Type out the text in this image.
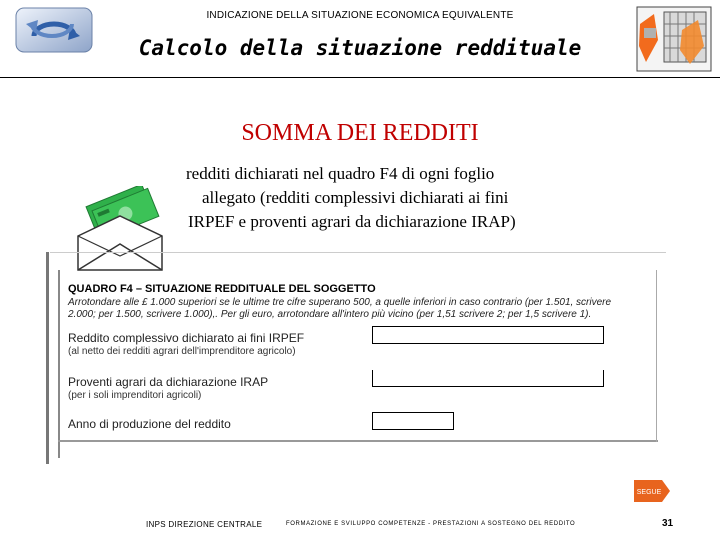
INDICAZIONE DELLA SITUAZIONE ECONOMICA EQUIVALENTE
Calcolo della situazione reddituale
SOMMA DEI REDDITI
redditi dichiarati nel quadro F4 di ogni foglio
allegato (redditi complessivi dichiarati ai fini
IRPEF e proventi agrari da dichiarazione IRAP)
QUADRO F4 – SITUAZIONE REDDITUALE DEL SOGGETTO
Arrotondare alle £ 1.000 superiori se le ultime tre cifre superano 500, a quelle inferiori in caso contrario (per 1.501, scrivere
2.000; per 1.500, scrivere 1.000),. Per gli euro, arrotondare all'intero più vicino (per 1,51 scrivere 2; per 1,5 scrivere 1).
Reddito complessivo dichiarato ai fini IRPEF
(al netto dei redditi agrari dell'imprenditore agricolo)
Proventi agrari da dichiarazione IRAP
(per i soli imprenditori agricoli)
Anno di produzione del reddito
SEGUE
INPS DIREZIONE CENTRALE	FORMAZIONE E SVILUPPO COMPETENZE - PRESTAZIONI A SOSTEGNO DEL REDDITO	31
